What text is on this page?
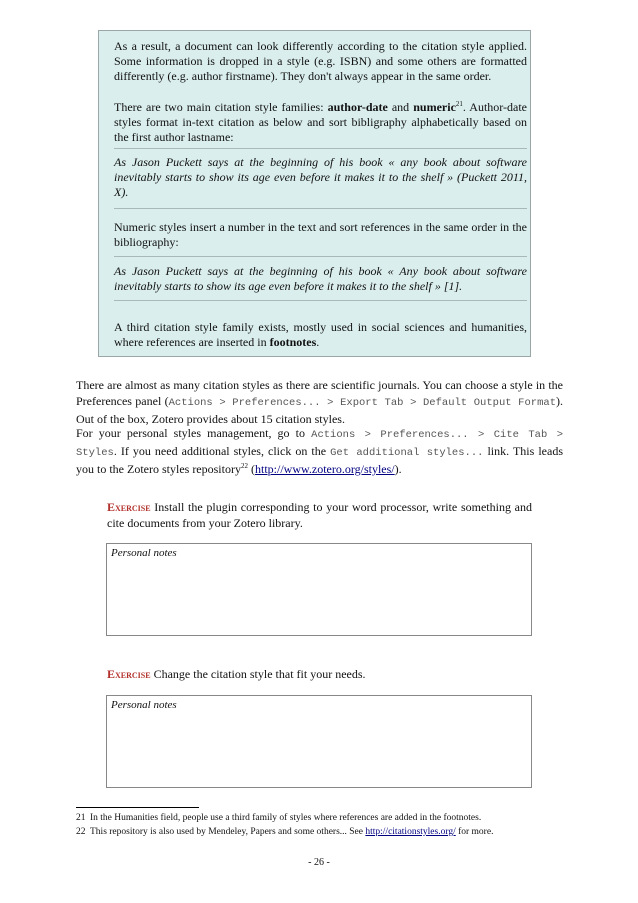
As a result, a document can look differently according to the citation style applied. Some information is dropped in a style (e.g. ISBN) and some others are formatted differently (e.g. author firstname). They don't always appear in the same order.

There are two main citation style families: author-date and numeric$^{21}$. Author-date styles format in-text citation as below and sort bibligraphy alphabetically based on the first author lastname:

As Jason Puckett says at the beginning of his book « any book about software inevitably starts to show its age even before it makes it to the shelf » (Puckett 2011, X).

Numeric styles insert a number in the text and sort references in the same order in the bibliography:

As Jason Puckett says at the beginning of his book « Any book about software inevitably starts to show its age even before it makes it to the shelf » [1].

A third citation style family exists, mostly used in social sciences and humanities, where references are inserted in footnotes.

There are almost as many citation styles as there are scientific journals. You can choose a style in the Preferences panel (Actions > Preferences... > Export Tab > Default Output Format). Out of the box, Zotero provides about 15 citation styles.

For your personal styles management, go to Actions > Preferences... > Cite Tab > Styles. If you need additional styles, click on the Get additional styles... link. This leads you to the Zotero styles repository$^{22}$ (http://www.zotero.org/styles/).

Exercise Install the plugin corresponding to your word processor, write something and cite documents from your Zotero library.

Personal notes

Exercise Change the citation style that fit your needs.

Personal notes

21 In the Humanities field, people use a third family of styles where references are added in the footnotes.

22 This repository is also used by Mendeley, Papers and some others... See http://citationstyles.org/ for more.

- 26 -
